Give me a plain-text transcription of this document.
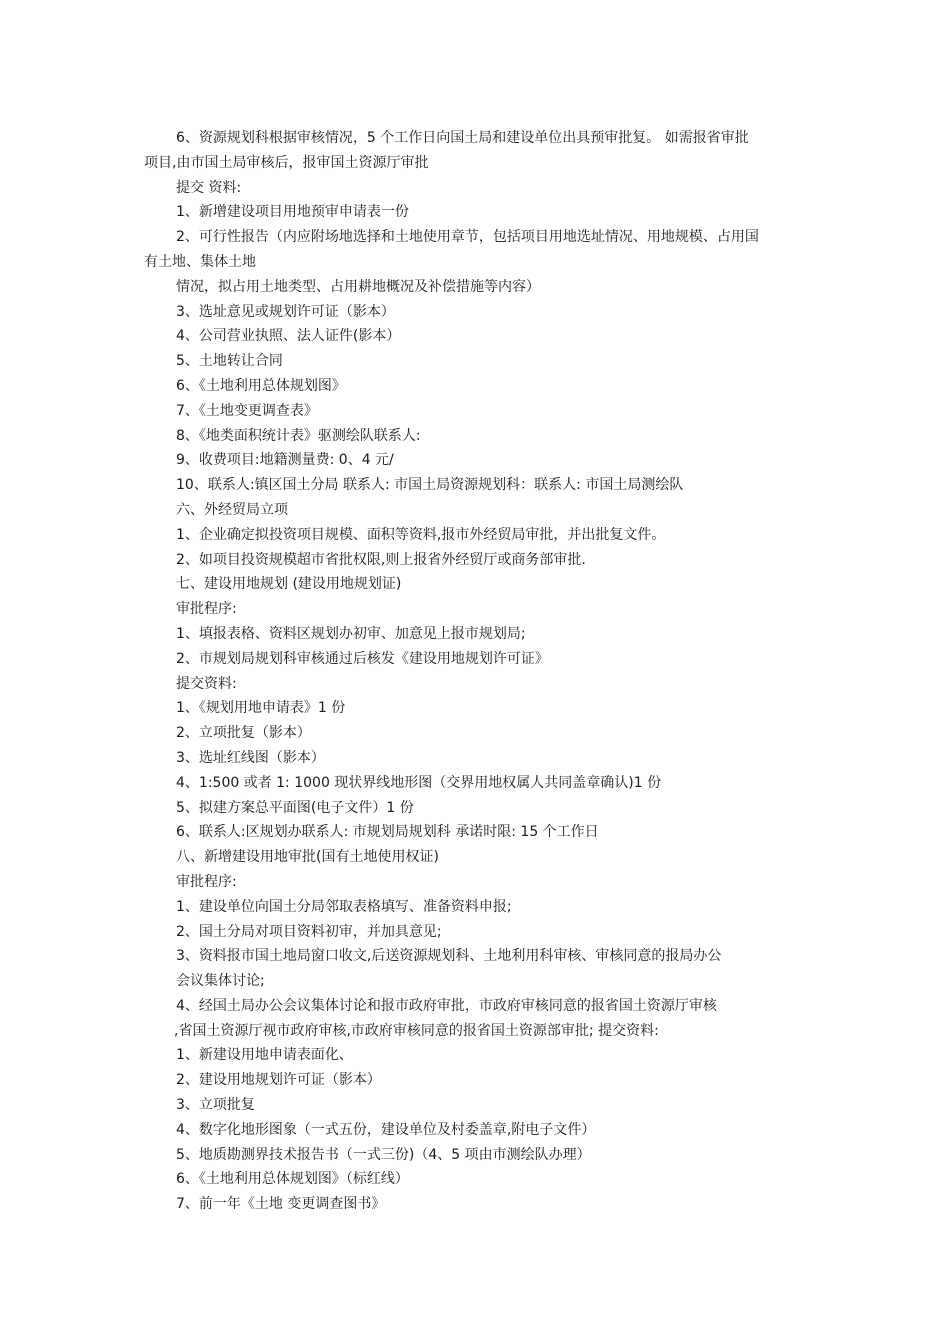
6、资源规划科根据审核情况，5 个工作日向国土局和建设单位出具预审批复。 如需报省审批

项目,由市国土局审核后，报审国土资源厅审批

提交 资料:

1、新增建设项目用地预审申请表一份

2、可行性报告（内应附场地选择和土地使用章节，包括项目用地选址情况、用地规模、占用国

有土地、集体土地

情况，拟占用土地类型、占用耕地概况及补偿措施等内容）

3、选址意见或规划许可证（影本）

4、公司营业执照、法人证件(影本）

5、土地转让合同

6、《土地利用总体规划图》

7、《土地变更调查表》

8、《地类面积统计表》驱测绘队联系人:

9、收费项目:地籍测量费: 0、4 元/

10、联系人:镇区国土分局 联系人: 市国土局资源规划科：联系人: 市国土局测绘队

六、外经贸局立项

1、企业确定拟投资项目规模、面积等资料,报市外经贸局审批，并出批复文件。

2、如项目投资规模超市省批权限,则上报省外经贸厅或商务部审批.

七、建设用地规划 (建设用地规划证)

审批程序:

1、填报表格、资料区规划办初审、加意见上报市规划局;

2、市规划局规划科审核通过后核发《建设用地规划许可证》

提交资料:

1、《规划用地申请表》1 份

2、立项批复（影本）

3、选址红线图（影本）

4、1:500 或者 1: 1000 现状界线地形图（交界用地权属人共同盖章确认)1 份

5、拟建方案总平面图(电子文件）1 份

6、联系人:区规划办联系人: 市规划局规划科 承诺时限: 15 个工作日

八、新增建设用地审批(国有土地使用权证)

审批程序:

1、建设单位向国土分局邻取表格填写、准备资料申报;

2、国土分局对项目资料初审，并加具意见;

3、资料报市国土地局窗口收文,后送资源规划科、土地利用科审核、审核同意的报局办公

会议集体讨论;

4、经国土局办公会议集体讨论和报市政府审批，市政府审核同意的报省国土资源厅审核

,省国土资源厅视市政府审核,市政府审核同意的报省国土资源部审批; 提交资料:

1、新建设用地申请表面化、

2、建设用地规划许可证（影本）

3、立项批复

4、数字化地形图象（一式五份，建设单位及村委盖章,附电子文件）

5、地质勘测界技术报告书（一式三份)（4、5 项由市测绘队办理）

6、《土地利用总体规划图》（标红线）

7、前一年《土地 变更调查图书》
